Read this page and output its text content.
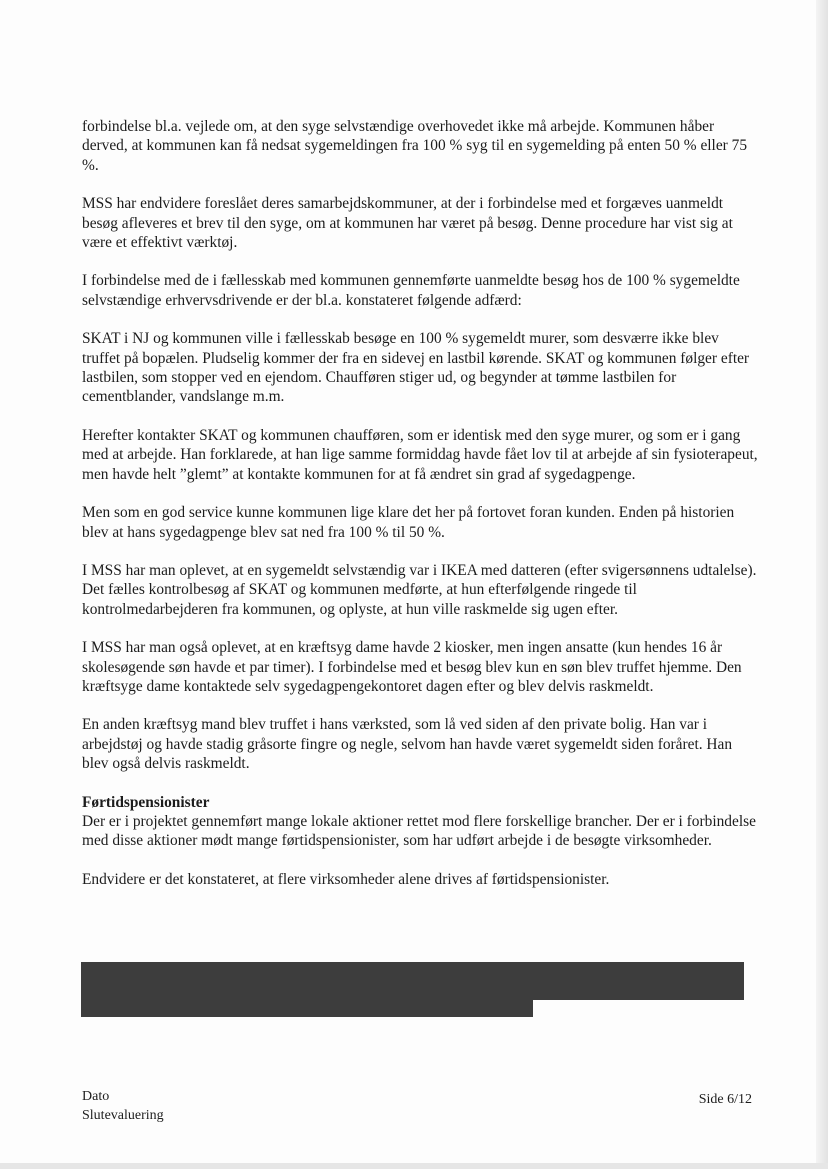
forbindelse bl.a. vejlede om, at den syge selvstændige overhovedet ikke må arbejde. Kommunen håber derved, at kommunen kan få nedsat sygemeldingen fra 100 % syg til en sygemelding på enten 50 % eller 75 %.

MSS har endvidere foreslået deres samarbejdskommuner, at der i forbindelse med et forgæves uanmeldt besøg afleveres et brev til den syge, om at kommunen har været på besøg. Denne procedure har vist sig at være et effektivt værktøj.

I forbindelse med de i fællesskab med kommunen gennemførte uanmeldte besøg hos de 100 % sygemeldte selvstændige erhvervsdrivende er der bl.a. konstateret følgende adfærd:

SKAT i NJ og kommunen ville i fællesskab besøge en 100 % sygemeldt murer, som desværre ikke blev truffet på bopælen. Pludselig kommer der fra en sidevej en lastbil kørende. SKAT og kommunen følger efter lastbilen, som stopper ved en ejendom. Chaufføren stiger ud, og begynder at tømme lastbilen for cementblander, vandslange m.m.

Herefter kontakter SKAT og kommunen chaufføren, som er identisk med den syge murer, og som er i gang med at arbejde. Han forklarede, at han lige samme formiddag havde fået lov til at arbejde af sin fysioterapeut, men havde helt ”glemt” at kontakte kommunen for at få ændret sin grad af sygedagpenge.

Men som en god service kunne kommunen lige klare det her på fortovet foran kunden. Enden på historien blev at hans sygedagpenge blev sat ned fra 100 % til 50 %.

I MSS har man oplevet, at en sygemeldt selvstændig var i IKEA med datteren (efter svigersønnens udtalelse). Det fælles kontrolbesøg af SKAT og kommunen medførte, at hun efterfølgende ringede til kontrolmedarbejderen fra kommunen, og oplyste, at hun ville raskmelde sig ugen efter.

I MSS har man også oplevet, at en kræftsyg dame havde 2 kiosker, men ingen ansatte (kun hendes 16 år skolesøgende søn havde et par timer). I forbindelse med et besøg blev kun en søn blev truffet hjemme. Den kræftsyge dame kontaktede selv sygedagpengekontoret dagen efter og blev delvis raskmeldt.

En anden kræftsyg mand blev truffet i hans værksted, som lå ved siden af den private bolig. Han var i arbejdstøj og havde stadig gråsorte fingre og negle, selvom han havde været sygemeldt siden foråret. Han blev også delvis raskmeldt.

Førtidspensionister

Der er i projektet gennemført mange lokale aktioner rettet mod flere forskellige brancher. Der er i forbindelse med disse aktioner mødt mange førtidspensionister, som har udført arbejde i de besøgte virksomheder.

Endvidere er det konstateret, at flere virksomheder alene drives af førtidspensionister.

Dato
Slutevaluering
Side 6/12
